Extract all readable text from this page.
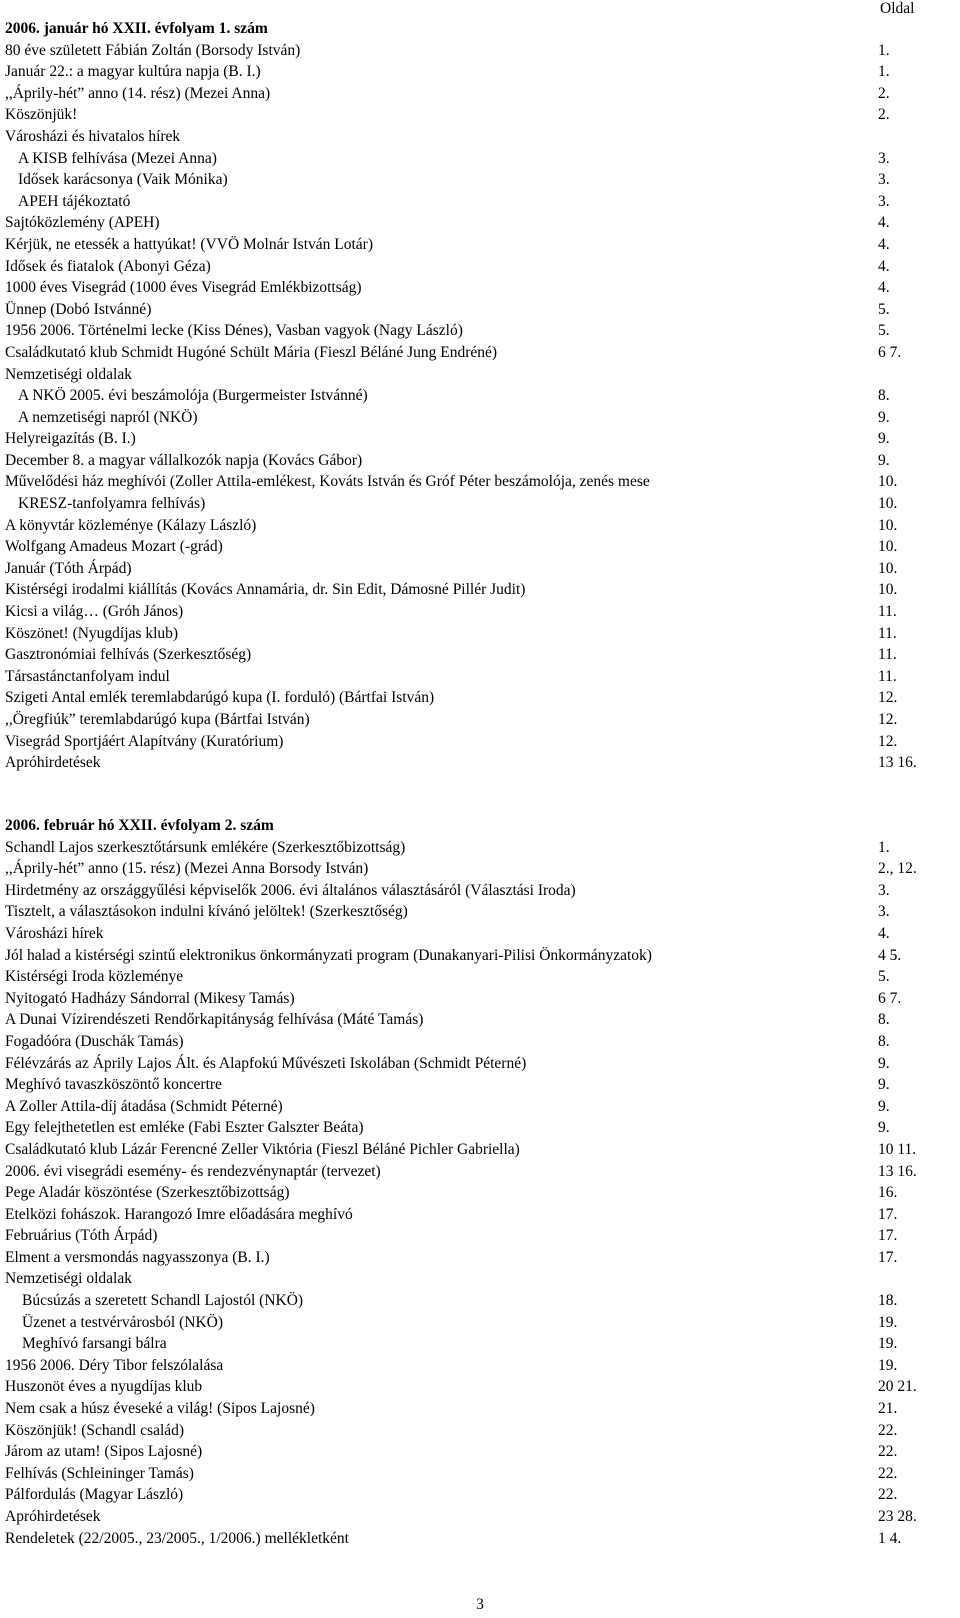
Oldal
2006. január hó XXII. évfolyam 1. szám
80 éve született Fábián Zoltán (Borsody István)	1.
Január 22.: a magyar kultúra napja (B. I.)	1.
,,Áprily-hét” anno (14. rész) (Mezei Anna)	2.
Köszönjük!	2.
Városházi és hivatalos hírek
A KISB felhívása (Mezei Anna)	3.
Idősek karácsonya (Vaik Mónika)	3.
APEH tájékoztató	3.
Sajtóközlemény (APEH)	4.
Kérjük, ne etessék a hattyúkat! (VVÖ Molnár István Lotár)	4.
Idősek és fiatalok (Abonyi Géza)	4.
1000 éves Visegrád (1000 éves Visegrád Emlékbizottság)	4.
Ünnep (Dobó Istvánné)	5.
1956 2006. Történelmi lecke (Kiss Dénes), Vasban vagyok (Nagy László)	5.
Családkutató klub Schmidt Hugóné Schült Mária (Fieszl Béláné Jung Endréné)	6 7.
Nemzetiségi oldalak
A NKÖ 2005. évi beszámolója (Burgermeister Istvánné)	8.
A nemzetiségi napról (NKÖ)	9.
Helyreigazítás (B. I.)	9.
December 8. a magyar vállalkozók napja (Kovács Gábor)	9.
Művelődési ház meghívói (Zoller Attila-emlékest, Kováts István és Gróf Péter beszámolója, zenés mese	10.
KRESZ-tanfolyamra felhívás)	10.
A könyvtár közleménye (Kálazy László)	10.
Wolfgang Amadeus Mozart (-grád)	10.
Január (Tóth Árpád)	10.
Kistérségi irodalmi kiállítás (Kovács Annamária, dr. Sin Edit, Dámosné Pillér Judit)	10.
Kicsi a világ… (Gróh János)	11.
Köszönet! (Nyugdíjas klub)	11.
Gasztronómiai felhívás (Szerkesztőség)	11.
Társastánctanfolyam indul	11.
Szigeti Antal emlék teremlabdarúgó kupa (I. forduló) (Bártfai István)	12.
,,Öregfiúk” teremlabdarúgó kupa (Bártfai István)	12.
Visegrád Sportjáért Alapítvány (Kuratórium)	12.
Apróhirdetések	13 16.
2006. február hó XXII. évfolyam 2. szám
Schandl Lajos szerkesztőtársunk emlékére (Szerkesztőbizottság)	1.
,,Áprily-hét” anno (15. rész) (Mezei Anna Borsody István)	2., 12.
Hirdetmény az országgyűlési képviselők 2006. évi általános választásáról (Választási Iroda)	3.
Tisztelt, a választásokon indulni kívánó jelöltek! (Szerkesztőség)	3.
Városházi hírek	4.
Jól halad a kistérségi szintű elektronikus önkormányzati program (Dunakanyari-Pilisi Önkormányzatok)	4 5.
Kistérségi Iroda közleménye	5.
Nyitogató Hadházy Sándorral (Mikesy Tamás)	6 7.
A Dunai Vízirendészeti Rendőrkapitányság felhívása (Máté Tamás)	8.
Fogadóóra (Duschák Tamás)	8.
Félévzárás az Áprily Lajos Ált. és Alapfokú Művészeti Iskolában (Schmidt Péterné)	9.
Meghívó tavaszköszöntő koncertre	9.
A Zoller Attila-díj átadása (Schmidt Péterné)	9.
Egy felejthetetlen est emléke (Fabi Eszter Galszter Beáta)	9.
Családkutató klub Lázár Ferencné Zeller Viktória (Fieszl Béláné Pichler Gabriella)	10 11.
2006. évi visegrádi esemény- és rendezvénynaptár (tervezet)	13 16.
Pege Aladár köszöntése (Szerkesztőbizottság)	16.
Etelközi fohászok. Harangozó Imre előadására meghívó	17.
Februárius (Tóth Árpád)	17.
Elment a versmondás nagyasszonya (B. I.)	17.
Nemzetiségi oldalak
Búcsúzás a szeretett Schandl Lajostól (NKÖ)	18.
Üzenet a testvérvárosból (NKÖ)	19.
Meghívó farsangi bálra	19.
1956 2006. Déry Tibor felszólalása	19.
Huszonöt éves a nyugdíjas klub	20 21.
Nem csak a húsz éveseké a világ! (Sipos Lajosné)	21.
Köszönjük! (Schandl család)	22.
Járom az utam! (Sipos Lajosné)	22.
Felhívás (Schleininger Tamás)	22.
Pálfordulás (Magyar László)	22.
Apróhirdetések	23 28.
Rendeletek (22/2005., 23/2005., 1/2006.) mellékletként	1 4.
3
